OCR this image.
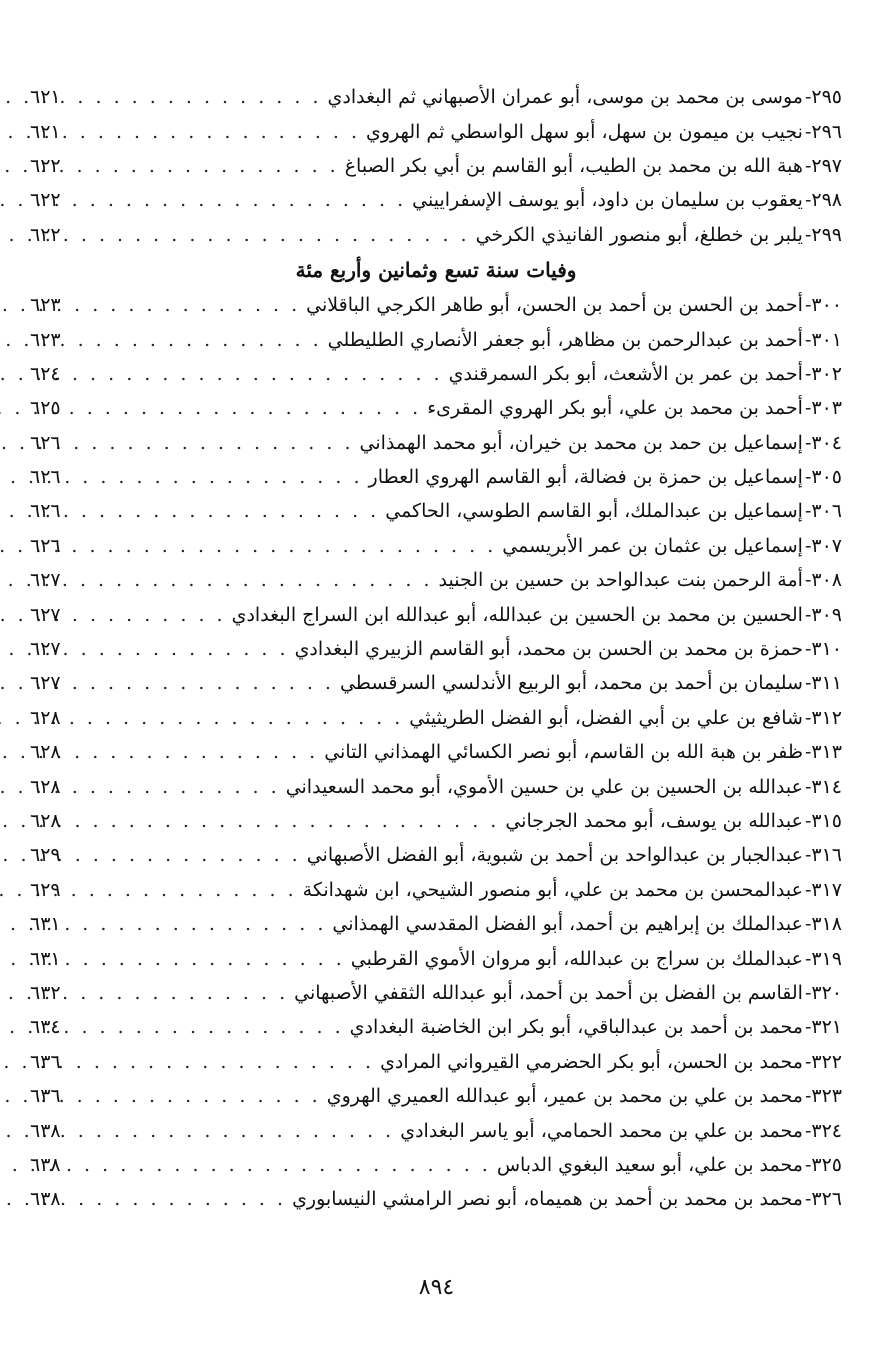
٢٩٥-
موسى بن محمد بن موسى، أبو عمران الأصبهاني ثم البغدادي
. . .
٦٢١
٢٩٦-
نجيب بن ميمون بن سهل، أبو سهل الواسطي ثم الهروي
. . .
٦٢١
٢٩٧-
هبة الله بن محمد بن الطيب، أبو القاسم بن أبي بكر الصباغ
. . .
٦٢٢
٢٩٨-
يعقوب بن سليمان بن داود، أبو يوسف الإسفراييني
. . .
٦٢٢
٢٩٩-
يلبر بن خطلغ، أبو منصور الفانيذي الكرخي
. . .
٦٢٢
وفيات سنة تسع وثمانين وأربع مئة
٣٠٠-
أحمد بن الحسن بن أحمد بن الحسن، أبو طاهر الكرجي الباقلاني
. . .
٦٢٣
٣٠١-
أحمد بن عبدالرحمن بن مظاهر، أبو جعفر الأنصاري الطليطلي
. . .
٦٢٣
٣٠٢-
أحمد بن عمر بن الأشعث، أبو بكر السمرقندي
. . .
٦٢٤
٣٠٣-
أحمد بن محمد بن علي، أبو بكر الهروي المقرىء
. . .
٦٢٥
٣٠٤-
إسماعيل بن حمد بن محمد بن خيران، أبو محمد الهمذاني
. . .
٦٢٦
٣٠٥-
إسماعيل بن حمزة بن فضالة، أبو القاسم الهروي العطار
. . .
٦٢٦
٣٠٦-
إسماعيل بن عبدالملك، أبو القاسم الطوسي، الحاكمي
. . .
٦٢٦
٣٠٧-
إسماعيل بن عثمان بن عمر الأبريسمي
. . .
٦٢٦
٣٠٨-
أمة الرحمن بنت عبدالواحد بن حسين بن الجنيد
. . .
٦٢٧
٣٠٩-
الحسين بن محمد بن الحسين بن عبدالله، أبو عبدالله ابن السراج البغدادي
. . .
٦٢٧
٣١٠-
حمزة بن محمد بن الحسن بن محمد، أبو القاسم الزبيري البغدادي
. . .
٦٢٧
٣١١-
سليمان بن أحمد بن محمد، أبو الربيع الأندلسي السرقسطي
. . .
٦٢٧
٣١٢-
شافع بن علي بن أبي الفضل، أبو الفضل الطريثيثي
. . .
٦٢٨
٣١٣-
ظفر بن هبة الله بن القاسم، أبو نصر الكسائي الهمذاني التاني
. . .
٦٢٨
٣١٤-
عبدالله بن الحسين بن علي بن حسين الأموي، أبو محمد السعيداني
. . .
٦٢٨
٣١٥-
عبدالله بن يوسف، أبو محمد الجرجاني
. . .
٦٢٨
٣١٦-
عبدالجبار بن عبدالواحد بن أحمد بن شبوية، أبو الفضل الأصبهاني
. . .
٦٢٩
٣١٧-
عبدالمحسن بن محمد بن علي، أبو منصور الشيحي، ابن شهدانكة
. . .
٦٢٩
٣١٨-
عبدالملك بن إبراهيم بن أحمد، أبو الفضل المقدسي الهمذاني
. . .
٦٣١
٣١٩-
عبدالملك بن سراج بن عبدالله، أبو مروان الأموي القرطبي
. . .
٦٣١
٣٢٠-
القاسم بن الفضل بن أحمد بن أحمد، أبو عبدالله الثقفي الأصبهاني
. . .
٦٣٢
٣٢١-
محمد بن أحمد بن عبدالباقي، أبو بكر ابن الخاضبة البغدادي
. . .
٦٣٤
٣٢٢-
محمد بن الحسن، أبو بكر الحضرمي القيرواني المرادي
. . .
٦٣٦
٣٢٣-
محمد بن علي بن محمد بن عمير، أبو عبدالله العميري الهروي
. . .
٦٣٦
٣٢٤-
محمد بن علي بن محمد الحمامي، أبو ياسر البغدادي
. . .
٦٣٨
٣٢٥-
محمد بن علي، أبو سعيد البغوي الدباس
. . .
٦٣٨
٣٢٦-
محمد بن محمد بن أحمد بن هميماه، أبو نصر الرامشي النيسابوري
. . .
٦٣٨
٨٩٤
